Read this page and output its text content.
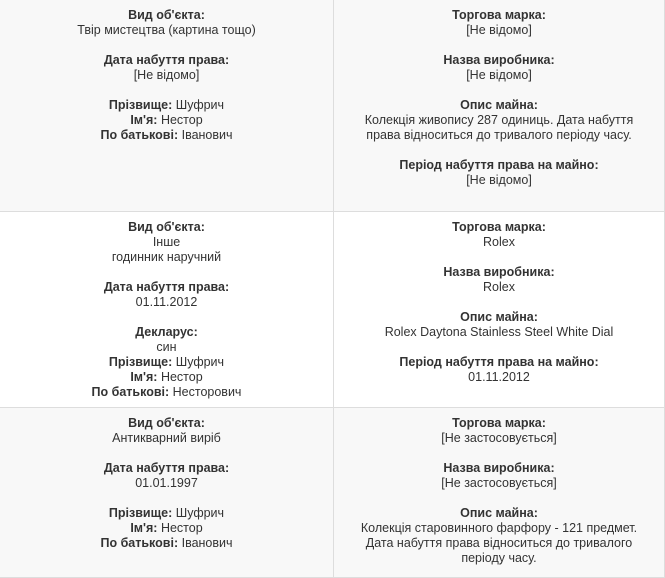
Вид об'єкта:
Твір мистецтва (картина тощо)
Дата набуття права:
[Не відомо]
Прізвище: Шуфрич
Ім'я: Нестор
По батькові: Іванович
Торгова марка:
[Не відомо]
Назва виробника:
[Не відомо]
Опис майна:
Колекція живопису 287 одиниць. Дата набуття
права відноситься до тривалого періоду часу.
Період набуття права на майно:
[Не відомо]
Вид об'єкта:
Інше
годинник наручний
Дата набуття права:
01.11.2012
Декларус:
син
Прізвище: Шуфрич
Ім'я: Нестор
По батькові: Несторович
Торгова марка:
Rolex
Назва виробника:
Rolex
Опис майна:
Rolex Daytona Stainless Steel White Dial
Період набуття права на майно:
01.11.2012
Вид об'єкта:
Антикварний виріб
Дата набуття права:
01.01.1997
Прізвище: Шуфрич
Ім'я: Нестор
По батькові: Іванович
Торгова марка:
[Не застосовується]
Назва виробника:
[Не застосовується]
Опис майна:
Колекція старовинного фарфору - 121 предмет.
Дата набуття права відноситься до тривалого
періоду часу.
